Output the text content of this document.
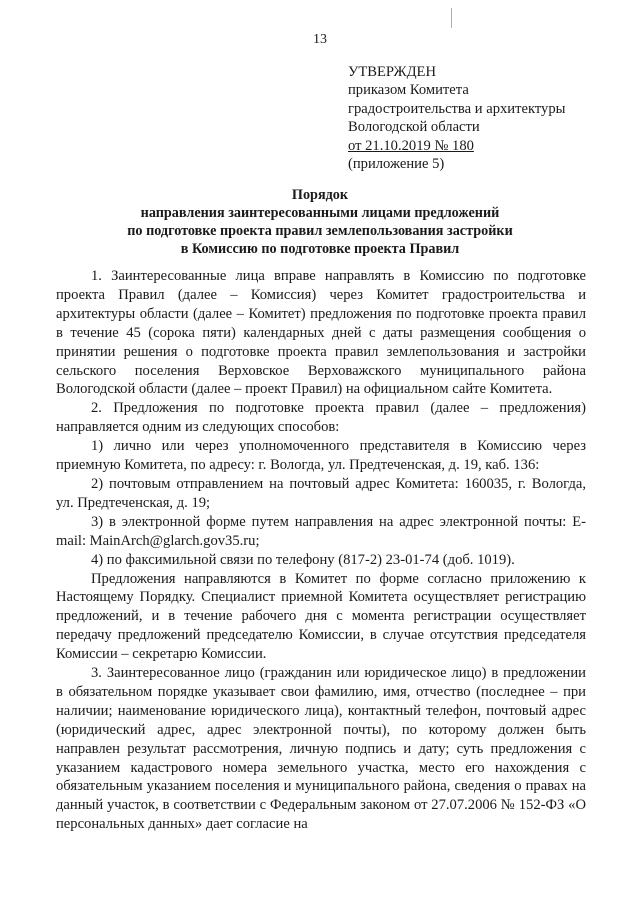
13
УТВЕРЖДЕН
приказом Комитета
градостроительства и архитектуры
Вологодской области
от 21.10.2019 № 180
(приложение 5)
Порядок
направления заинтересованными лицами предложений
по подготовке проекта правил землепользования застройки
в Комиссию по подготовке проекта Правил

1. Заинтересованные лица вправе направлять в Комиссию по подготовке проекта Правил (далее – Комиссия) через Комитет градостроительства и архитектуры области (далее – Комитет) предложения по подготовке проекта правил в течение 45 (сорока пяти) календарных дней с даты размещения сообщения о принятии решения о подготовке проекта правил землепользования и застройки сельского поселения Верховское Верховажского муниципального района Вологодской области (далее – проект Правил) на официальном сайте Комитета.

2. Предложения по подготовке проекта правил (далее – предложения) направляется одним из следующих способов:

1) лично или через уполномоченного представителя в Комиссию через приемную Комитета, по адресу: г. Вологда, ул. Предтеченская, д. 19, каб. 136:

2) почтовым отправлением на почтовый адрес Комитета: 160035, г. Вологда, ул. Предтеченская, д. 19;

3) в электронной форме путем направления на адрес электронной почты: E-mail: MainArch@glarch.gov35.ru;

4) по факсимильной связи по телефону (817-2) 23-01-74 (доб. 1019).

Предложения направляются в Комитет по форме согласно приложению к Настоящему Порядку. Специалист приемной Комитета осуществляет регистрацию предложений, и в течение рабочего дня с момента регистрации осуществляет передачу предложений председателю Комиссии, в случае отсутствия председателя Комиссии – секретарю Комиссии.

3. Заинтересованное лицо (гражданин или юридическое лицо) в предложении в обязательном порядке указывает свои фамилию, имя, отчество (последнее – при наличии; наименование юридического лица), контактный телефон, почтовый адрес (юридический адрес, адрес электронной почты), по которому должен быть направлен результат рассмотрения, личную подпись и дату; суть предложения с указанием кадастрового номера земельного участка, место его нахождения с обязательным указанием поселения и муниципального района, сведения о правах на данный участок, в соответствии с Федеральным законом от 27.07.2006 № 152-ФЗ «О персональных данных» дает согласие на
